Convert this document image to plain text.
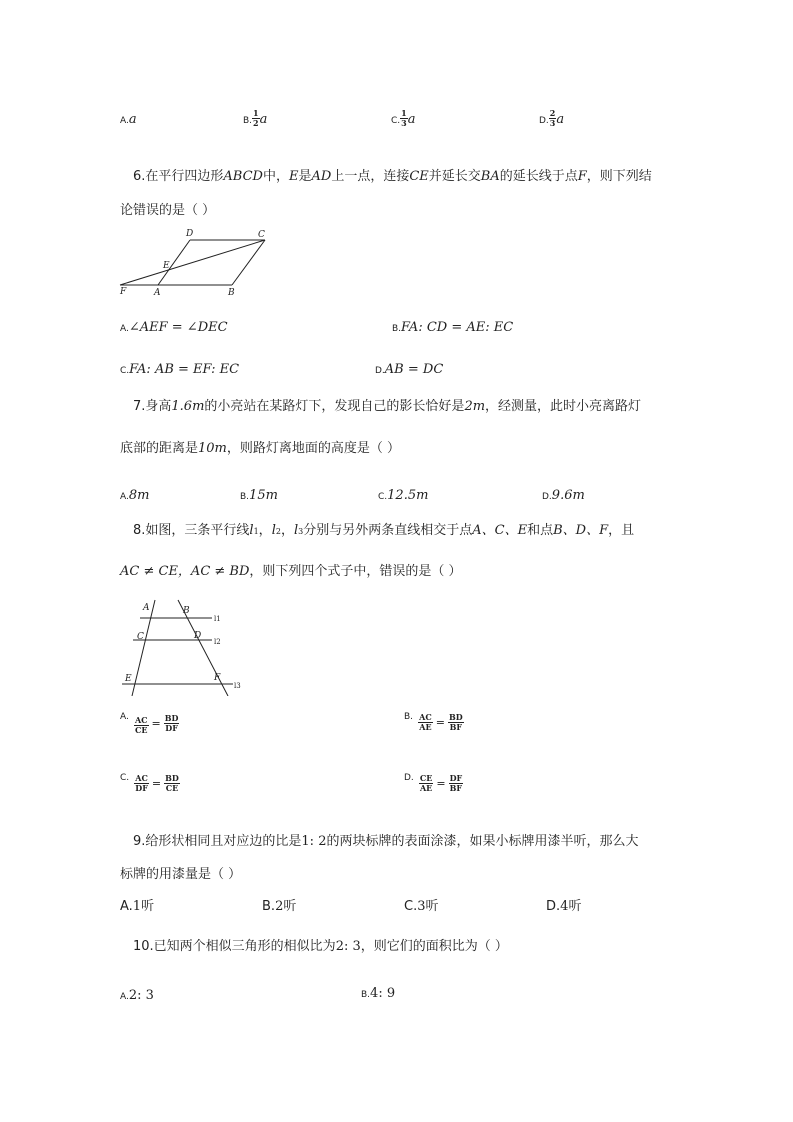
A.a	B. $\frac{1}{2}$ a	C. $\frac{1}{3}$ a	D. $\frac{2}{3}$ a
6.在平行四边形ABCD中，E是AD上一点，连接CE并延长交BA的延长线于点F，则下列结
论错误的是（ ）
D	C
E
F	A	B
A.∠AEF = ∠DEC	B.FA: CD = AE: EC
C.FA: AB = EF: EC	D.AB = DC
7.身高1.6m的小亮站在某路灯下，发现自己的影长恰好是2m，经测量，此时小亮离路灯
底部的距离是10m，则路灯离地面的高度是（ ）
A.8m	B.15m	C.12.5m	D.9.6m
8.如图，三条平行线l1，l2，l3分别与另外两条直线相交于点A、C、E和点B、D、F，且
AC ≠ CE，AC ≠ BD，则下列四个式子中，错误的是（ ）
A	B
C	D
E	F
l1
l2
l3
$^{A.} \frac{AC}{CE} = \frac{BD}{DF}$	$^{B.} \frac{AC}{AE} = \frac{BD}{BF}$
$^{C.} \frac{AC}{DF} = \frac{BD}{CE}$	$^{D.} \frac{CE}{AE} = \frac{DF}{BF}$
9.给形状相同且对应边的比是1: 2的两块标牌的表面涂漆，如果小标牌用漆半听，那么大
标牌的用漆量是（ ）
A.1听	B.2听	C.3听	D.4听
10.已知两个相似三角形的相似比为2: 3，则它们的面积比为（ ）
A.2: 3	B.4: 9
